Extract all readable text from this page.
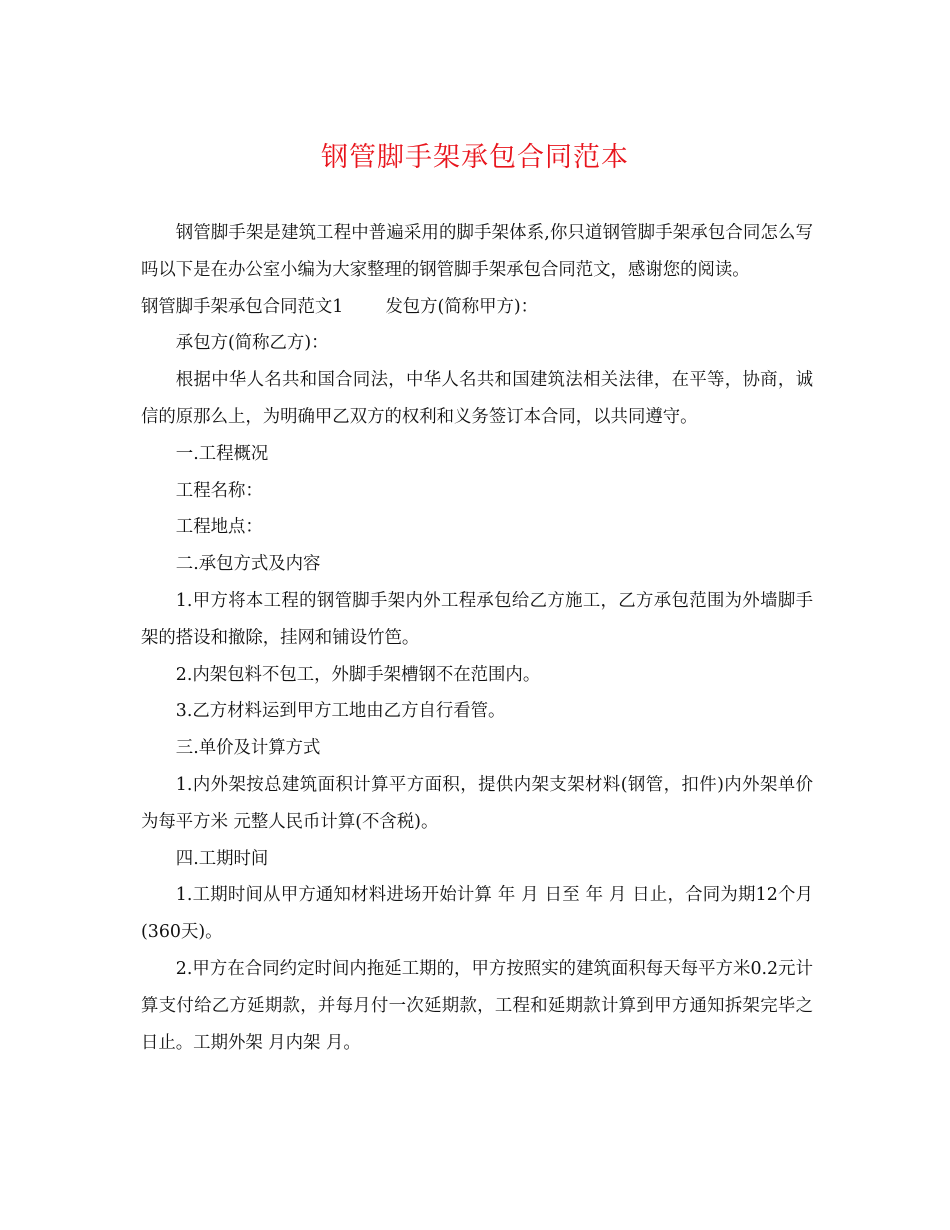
钢管脚手架承包合同范本

钢管脚手架是建筑工程中普遍采用的脚手架体系,你只道钢管脚手架承包合同怎么写吗以下是在办公室小编为大家整理的钢管脚手架承包合同范文，感谢您的阅读。

钢管脚手架承包合同范文1 发包方(简称甲方)：

承包方(简称乙方)：

根据中华人名共和国合同法，中华人名共和国建筑法相关法律，在平等，协商，诚信的原那么上，为明确甲乙双方的权利和义务签订本合同，以共同遵守。

一.工程概况

工程名称：

工程地点：

二.承包方式及内容

1.甲方将本工程的钢管脚手架内外工程承包给乙方施工，乙方承包范围为外墙脚手架的搭设和撤除，挂网和铺设竹笆。

2.内架包料不包工，外脚手架槽钢不在范围内。

3.乙方材料运到甲方工地由乙方自行看管。

三.单价及计算方式

1.内外架按总建筑面积计算平方面积，提供内架支架材料(钢管，扣件)内外架单价为每平方米 元整人民币计算(不含税)。

四.工期时间

1.工期时间从甲方通知材料进场开始计算 年 月 日至 年 月 日止，合同为期12个月(360天)。

2.甲方在合同约定时间内拖延工期的，甲方按照实的建筑面积每天每平方米0.2元计算支付给乙方延期款，并每月付一次延期款，工程和延期款计算到甲方通知拆架完毕之日止。工期外架 月内架 月。
